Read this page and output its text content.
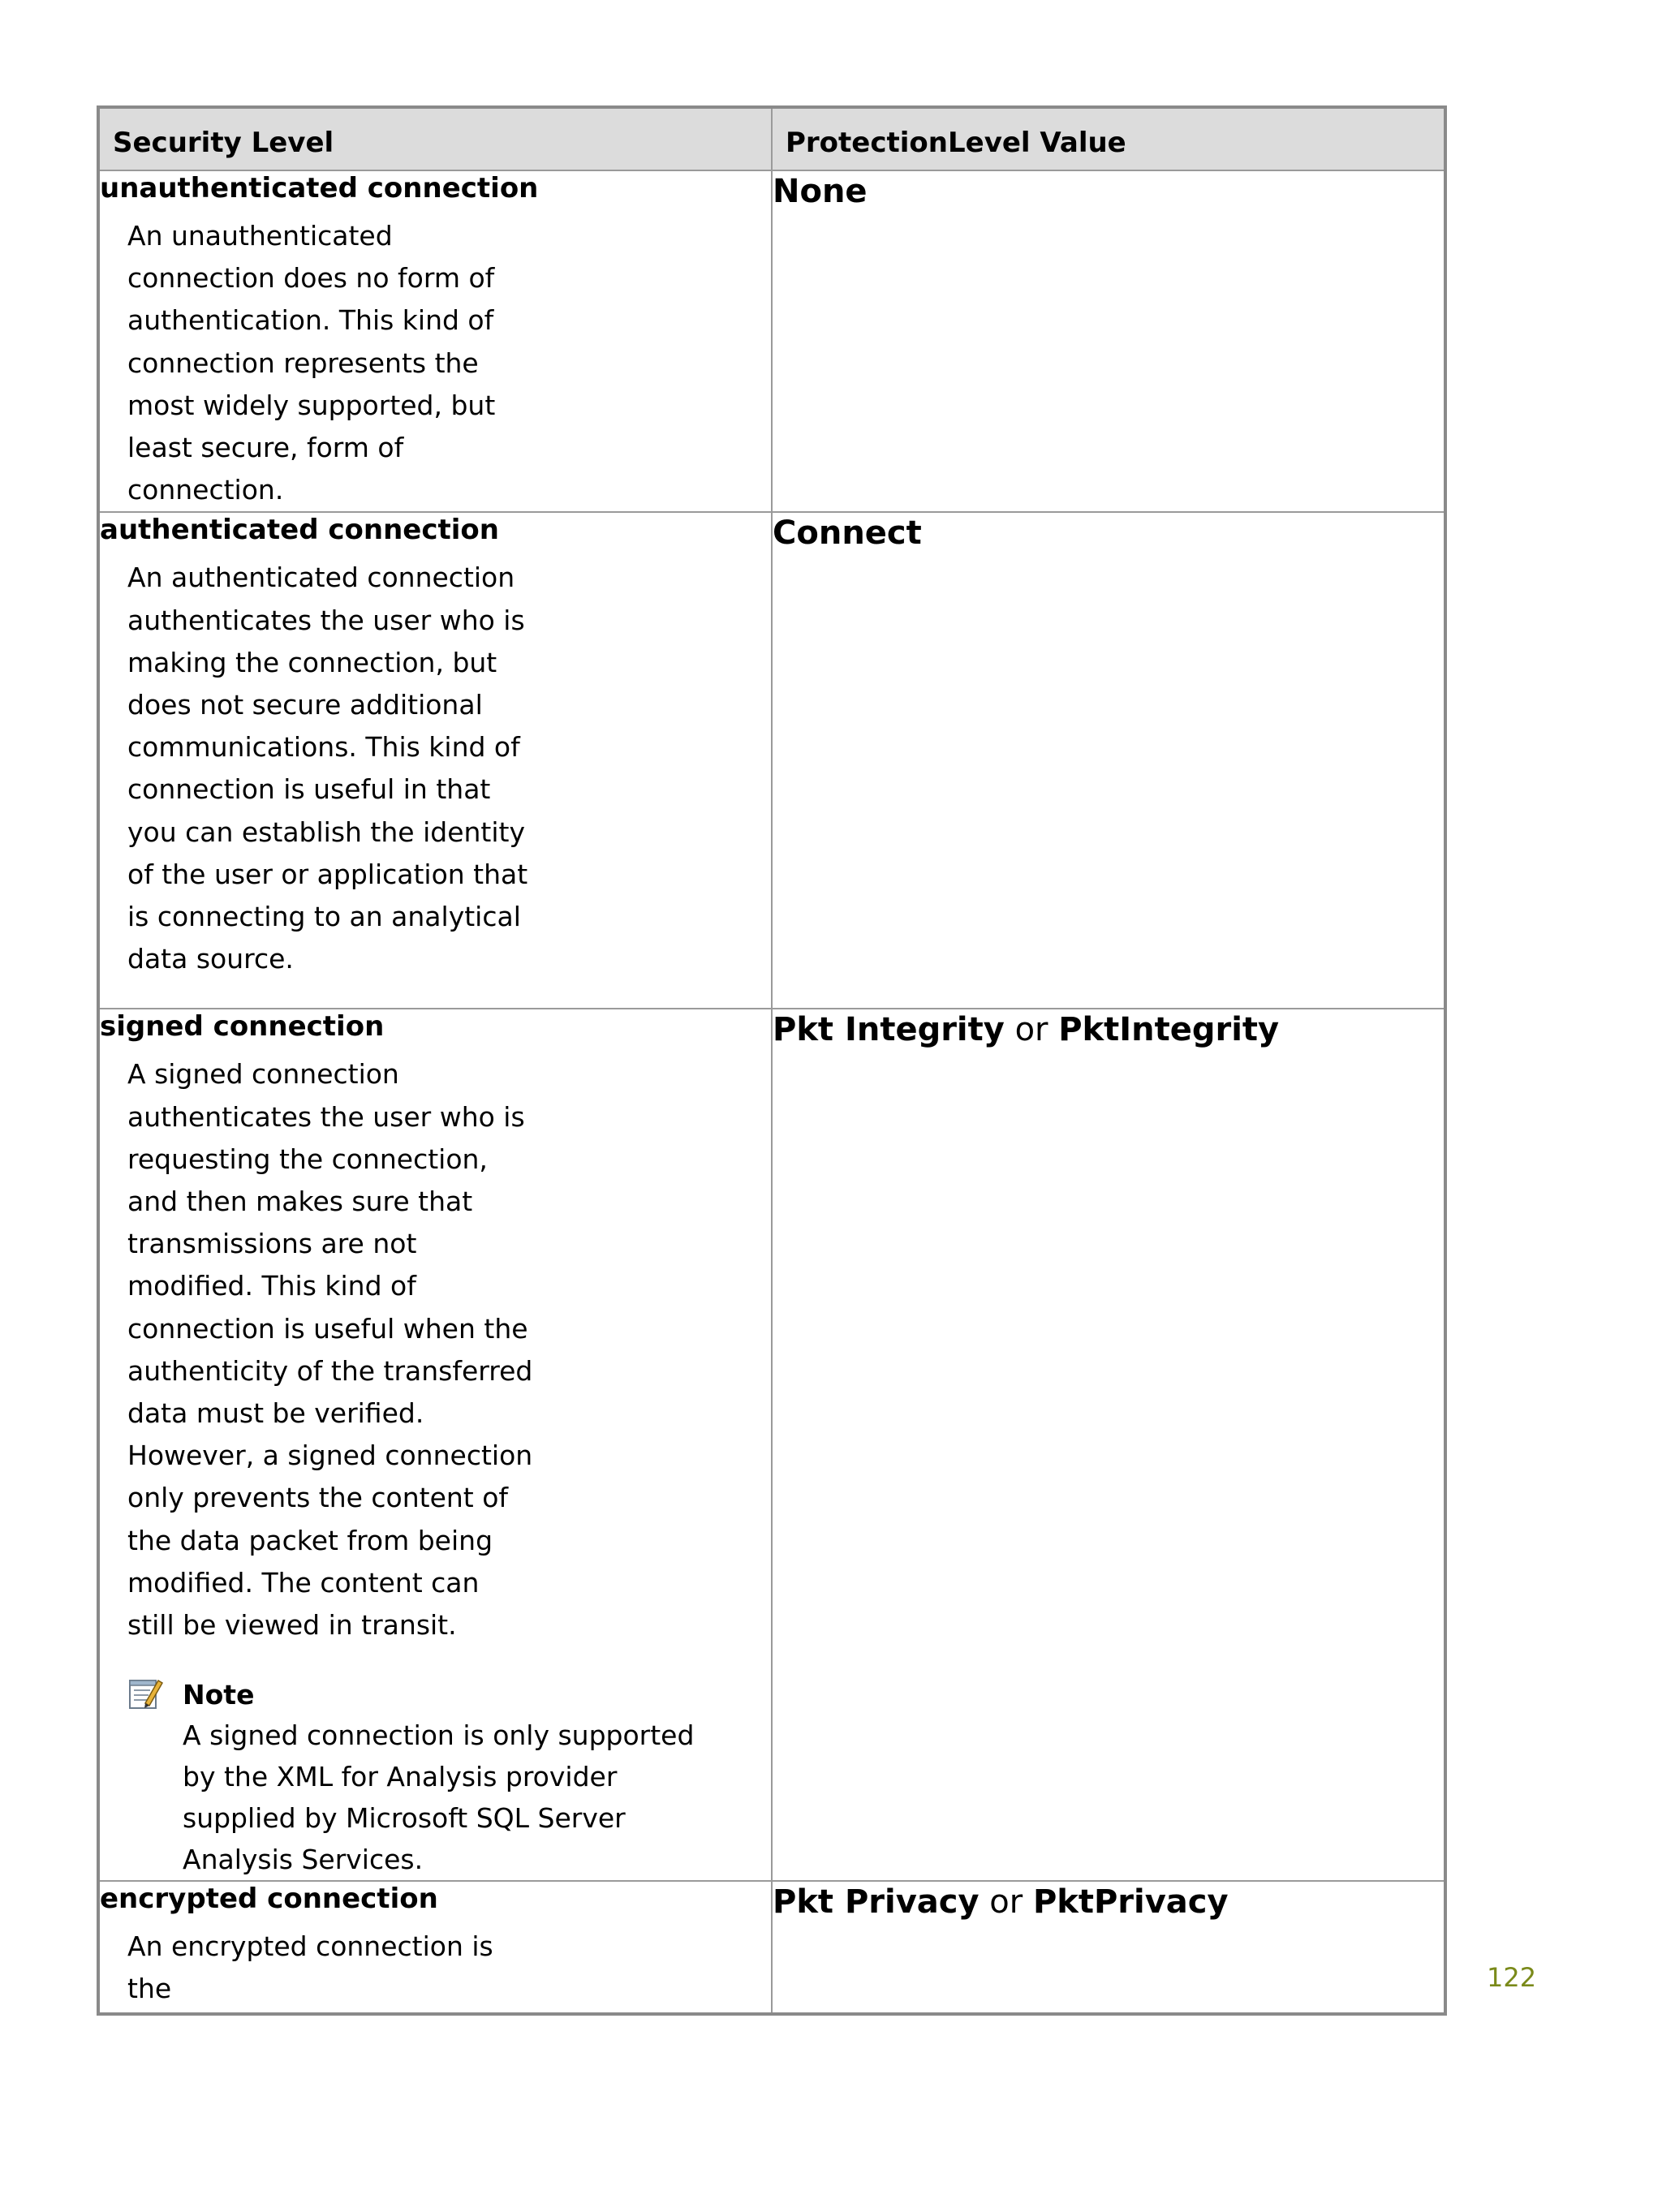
Security Level	ProtectionLevel Value

unauthenticated connection
An unauthenticated connection does no form of authentication. This kind of connection represents the most widely supported, but least secure, form of connection.	None

authenticated connection
An authenticated connection authenticates the user who is making the connection, but does not secure additional communications. This kind of connection is useful in that you can establish the identity of the user or application that is connecting to an analytical data source.	Connect

signed connection
A signed connection authenticates the user who is requesting the connection, and then makes sure that transmissions are not modified. This kind of connection is useful when the authenticity of the transferred data must be verified. However, a signed connection only prevents the content of the data packet from being modified. The content can still be viewed in transit.
Note
A signed connection is only supported by the XML for Analysis provider supplied by Microsoft SQL Server Analysis Services.	Pkt Integrity or PktIntegrity

encrypted connection
An encrypted connection is the	Pkt Privacy or PktPrivacy
122
